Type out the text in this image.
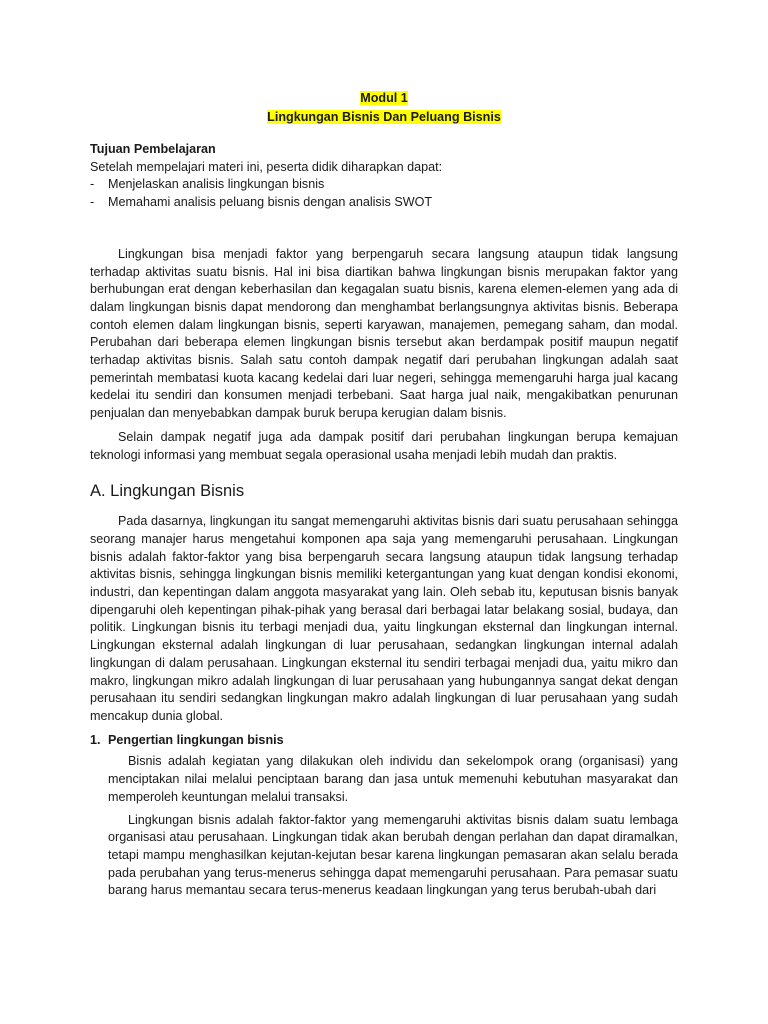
Modul 1
Lingkungan Bisnis Dan Peluang Bisnis
Tujuan Pembelajaran
Setelah mempelajari materi ini, peserta didik diharapkan dapat:
-	Menjelaskan analisis lingkungan bisnis
-	Memahami analisis peluang bisnis dengan analisis SWOT

Lingkungan bisa menjadi faktor yang berpengaruh secara langsung ataupun tidak langsung terhadap aktivitas suatu bisnis. Hal ini bisa diartikan bahwa lingkungan bisnis merupakan faktor yang berhubungan erat dengan keberhasilan dan kegagalan suatu bisnis, karena elemen-elemen yang ada di dalam lingkungan bisnis dapat mendorong dan menghambat berlangsungnya aktivitas bisnis. Beberapa contoh elemen dalam lingkungan bisnis, seperti karyawan, manajemen, pemegang saham, dan modal. Perubahan dari beberapa elemen lingkungan bisnis tersebut akan berdampak positif maupun negatif terhadap aktivitas bisnis. Salah satu contoh dampak negatif dari perubahan lingkungan adalah saat pemerintah membatasi kuota kacang kedelai dari luar negeri, sehingga memengaruhi harga jual kacang kedelai itu sendiri dan konsumen menjadi terbebani. Saat harga jual naik, mengakibatkan penurunan penjualan dan menyebabkan dampak buruk berupa kerugian dalam bisnis.

Selain dampak negatif juga ada dampak positif dari perubahan lingkungan berupa kemajuan teknologi informasi yang membuat segala operasional usaha menjadi lebih mudah dan praktis.

A. Lingkungan Bisnis

Pada dasarnya, lingkungan itu sangat memengaruhi aktivitas bisnis dari suatu perusahaan sehingga seorang manajer harus mengetahui komponen apa saja yang memengaruhi perusahaan. Lingkungan bisnis adalah faktor-faktor yang bisa berpengaruh secara langsung ataupun tidak langsung terhadap aktivitas bisnis, sehingga lingkungan bisnis memiliki ketergantungan yang kuat dengan kondisi ekonomi, industri, dan kepentingan dalam anggota masyarakat yang lain. Oleh sebab itu, keputusan bisnis banyak dipengaruhi oleh kepentingan pihak-pihak yang berasal dari berbagai latar belakang sosial, budaya, dan politik. Lingkungan bisnis itu terbagi menjadi dua, yaitu lingkungan eksternal dan lingkungan internal. Lingkungan eksternal adalah lingkungan di luar perusahaan, sedangkan lingkungan internal adalah lingkungan di dalam perusahaan. Lingkungan eksternal itu sendiri terbagai menjadi dua, yaitu mikro dan makro, lingkungan mikro adalah lingkungan di luar perusahaan yang hubungannya sangat dekat dengan perusahaan itu sendiri sedangkan lingkungan makro adalah lingkungan di luar perusahaan yang sudah mencakup dunia global.

1. Pengertian lingkungan bisnis

Bisnis adalah kegiatan yang dilakukan oleh individu dan sekelompok orang (organisasi) yang menciptakan nilai melalui penciptaan barang dan jasa untuk memenuhi kebutuhan masyarakat dan memperoleh keuntungan melalui transaksi.

Lingkungan bisnis adalah faktor-faktor yang memengaruhi aktivitas bisnis dalam suatu lembaga organisasi atau perusahaan. Lingkungan tidak akan berubah dengan perlahan dan dapat diramalkan, tetapi mampu menghasilkan kejutan-kejutan besar karena lingkungan pemasaran akan selalu berada pada perubahan yang terus-menerus sehingga dapat memengaruhi perusahaan. Para pemasar suatu barang harus memantau secara terus-menerus keadaan lingkungan yang terus berubah-ubah dari
